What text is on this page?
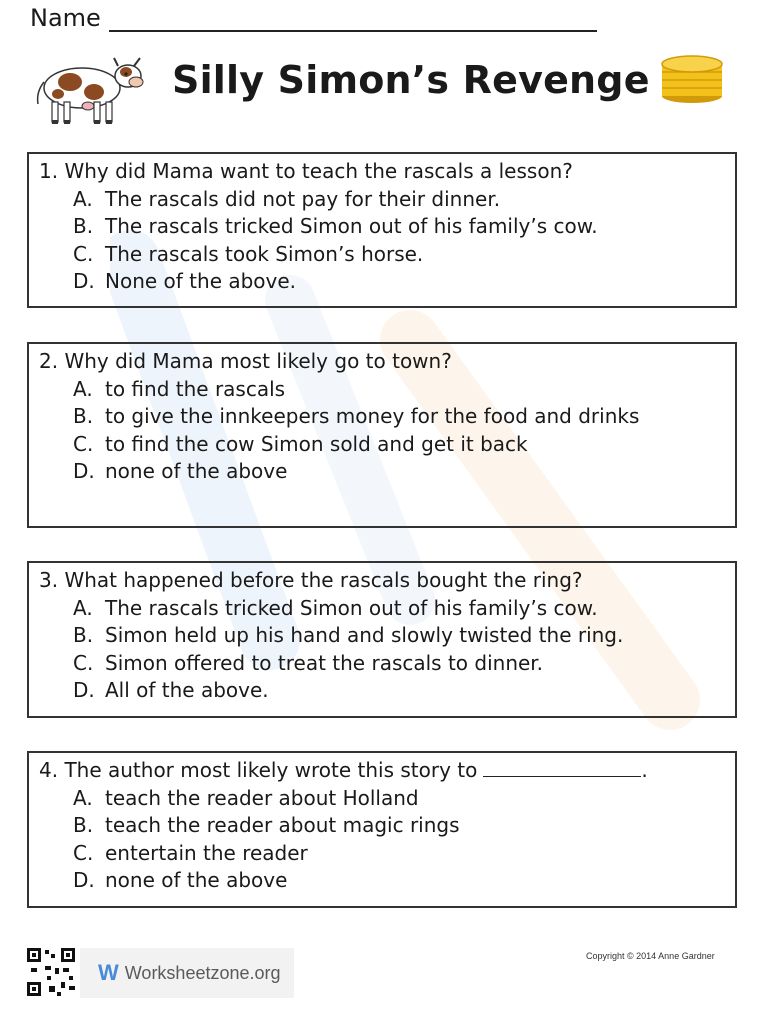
Name
Silly Simon’s Revenge

1. Why did Mama want to teach the rascals a lesson?

A. The rascals did not pay for their dinner.
B. The rascals tricked Simon out of his family’s cow.
C. The rascals took Simon’s horse.
D. None of the above.

2. Why did Mama most likely go to town?

A. to find the rascals
B. to give the innkeepers money for the food and drinks
C. to find the cow Simon sold and get it back
D. none of the above

3. What happened before the rascals bought the ring?

A. The rascals tricked Simon out of his family’s cow.
B. Simon held up his hand and slowly twisted the ring.
C. Simon offered to treat the rascals to dinner.
D. All of the above.

4. The author most likely wrote this story to	.

A. teach the reader about Holland
B. teach the reader about magic rings
C. entertain the reader
D. none of the above
W Worksheetzone.org
Copyright © 2014 Anne Gardner
